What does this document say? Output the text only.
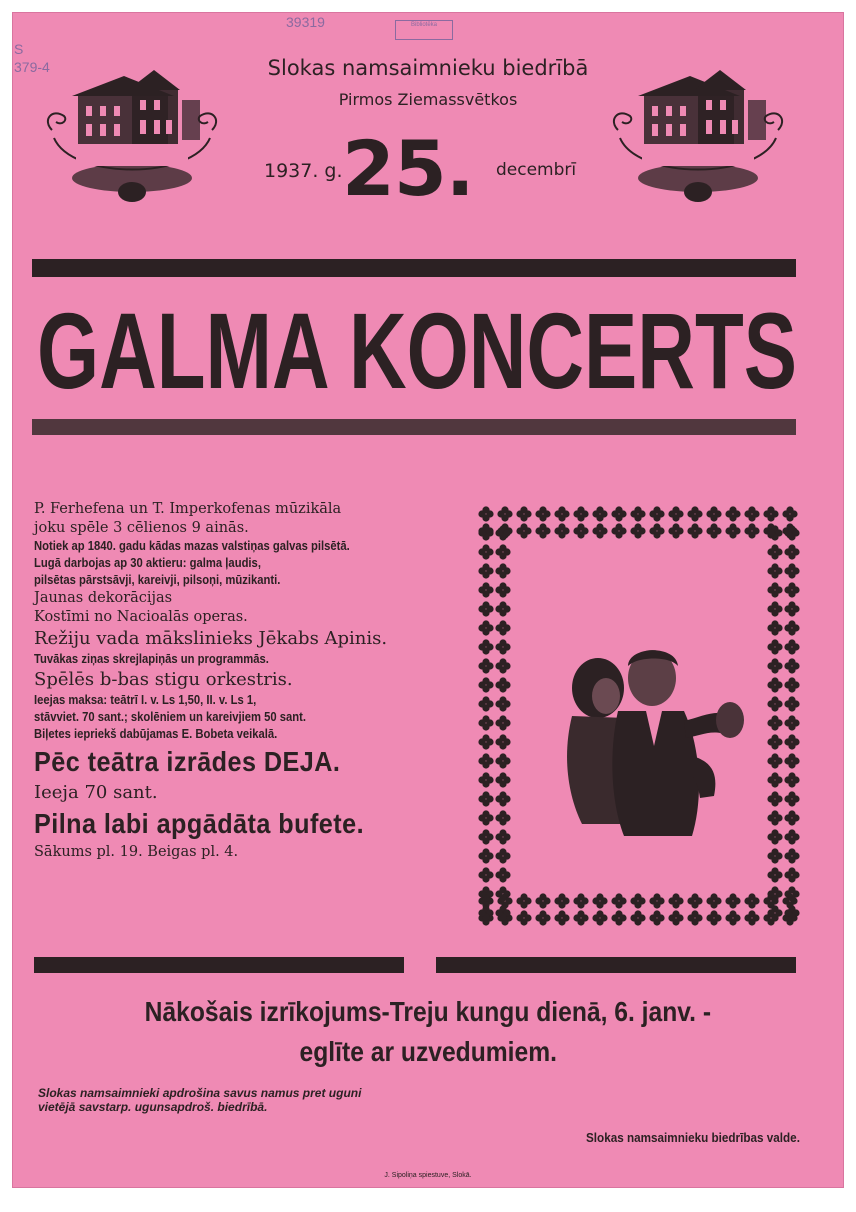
39319
S
379-4
Bibliotēka
Slokas namsaimnieku biedrībā
Pirmos Ziemassvētkos
1937. g. 25. decembrī
GALMA KONCERTS
P. Ferhefena un T. Imperkofenas mūzikāla
joku spēle 3 cēlienos 9 ainās.
Notiek ap 1840. gadu kādas mazas valstiņas galvas pilsētā.
Lugā darbojas ap 30 aktieru: galma ļaudis,
pilsētas pārstsāvji, kareivji, pilsoņi, mūzikanti.
Jaunas dekorācijas
Kostīmi no Nacioalās operas.
Režiju vada mākslinieks Jēkabs Apinis.
Tuvākas ziņas skrejlapiņās un programmās.
Spēlēs b-bas stigu orkestris.
Ieejas maksa: teātrī I. v. Ls 1,50, II. v. Ls 1,
stāvviet. 70 sant.; skolēniem un kareivjiem 50 sant.
Biļetes iepriekš dabūjamas E. Bobeta veikalā.
Pēc teātra izrādes DEJA.
Ieeja 70 sant.
Pilna labi apgādāta bufete.
Sākums pl. 19. Beigas pl. 4.
Nākošais izrīkojums-Treju kungu dienā, 6. janv. -
eglīte ar uzvedumiem.
Slokas namsaimnieki apdrošina savus namus pret uguni vietējā savstarp. ugunsapdroš. biedrībā.
Slokas namsaimnieku biedrības valde.
J. Sipoliņa spiestuve, Slokā.
